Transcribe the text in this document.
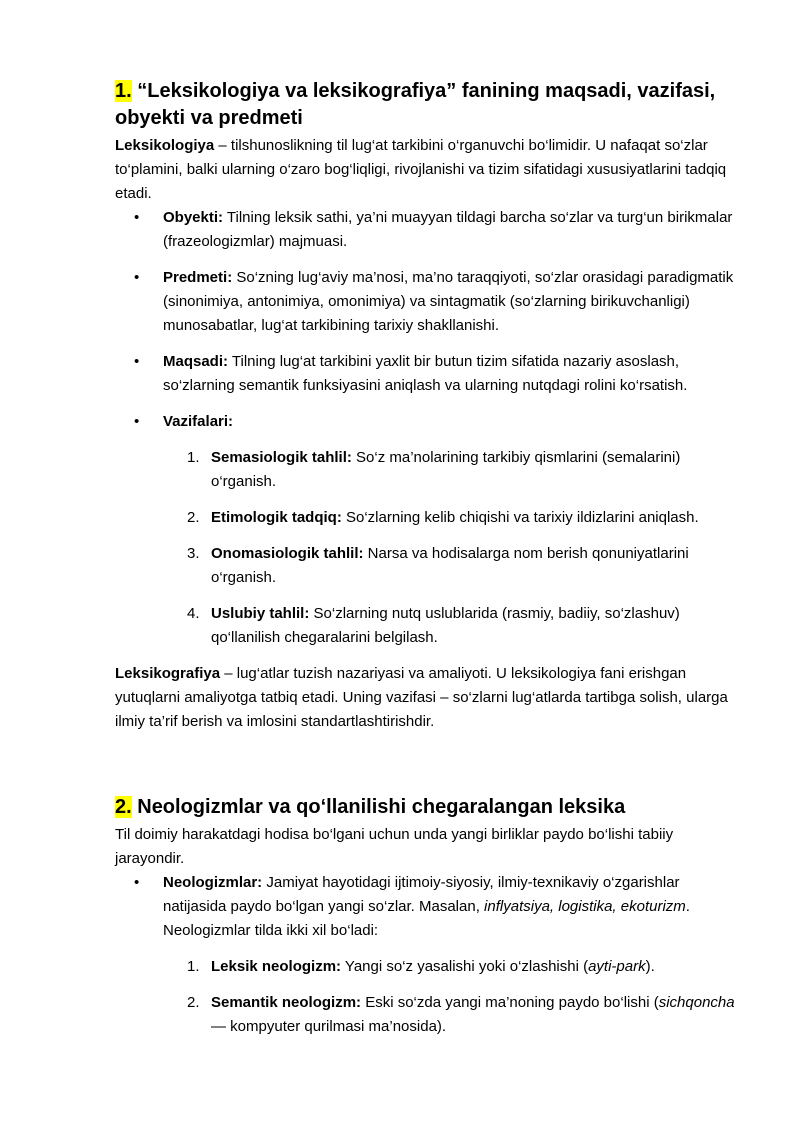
1. “Leksikologiya va leksikografiya” fanining maqsadi, vazifasi, obyekti va predmeti

Leksikologiya – tilshunoslikning til lug‘at tarkibini o‘rganuvchi bo‘limidir. U nafaqat so‘zlar to‘plamini, balki ularning o‘zaro bog‘liqligi, rivojlanishi va tizim sifatidagi xususiyatlarini tadqiq etadi.

• Obyekti: Tilning leksik sathi, ya’ni muayyan tildagi barcha so‘zlar va turg‘un birikmalar (frazeologizmlar) majmuasi.
• Predmeti: So‘zning lug‘aviy ma’nosi, ma’no taraqqiyoti, so‘zlar orasidagi paradigmatik (sinonimiya, antonimiya, omonimiya) va sintagmatik (so‘zlarning birikuvchanligi) munosabatlar, lug‘at tarkibining tarixiy shakllanishi.
• Maqsadi: Tilning lug‘at tarkibini yaxlit bir butun tizim sifatida nazariy asoslash, so‘zlarning semantik funksiyasini aniqlash va ularning nutqdagi rolini ko‘rsatish.
• Vazifalari:
1. Semasiologik tahlil: So‘z ma’nolarining tarkibiy qismlarini (semalarini) o‘rganish.
2. Etimologik tadqiq: So‘zlarning kelib chiqishi va tarixiy ildizlarini aniqlash.
3. Onomasiologik tahlil: Narsa va hodisalarga nom berish qonuniyatlarini o‘rganish.
4. Uslubiy tahlil: So‘zlarning nutq uslublarida (rasmiy, badiiy, so‘zlashuv) qo‘llanilish chegaralarini belgilash.

Leksikografiya – lug‘atlar tuzish nazariyasi va amaliyoti. U leksikologiya fani erishgan yutuqlarni amaliyotga tatbiq etadi. Uning vazifasi – so‘zlarni lug‘atlarda tartibga solish, ularga ilmiy ta’rif berish va imlosini standartlashtirishdir.

2. Neologizmlar va qo‘llanilishi chegaralangan leksika

Til doimiy harakatdagi hodisa bo‘lgani uchun unda yangi birliklar paydo bo‘lishi tabiiy jarayondir.

• Neologizmlar: Jamiyat hayotidagi ijtimoiy-siyosiy, ilmiy-texnikaviy o‘zgarishlar natijasida paydo bo‘lgan yangi so‘zlar. Masalan, inflyatsiya, logistika, ekoturizm. Neologizmlar tilda ikki xil bo‘ladi:
1. Leksik neologizm: Yangi so‘z yasalishi yoki o‘zlashishi (ayti-park).
2. Semantik neologizm: Eski so‘zda yangi ma’noning paydo bo‘lishi (sichqoncha — kompyuter qurilmasi ma’nosida).
